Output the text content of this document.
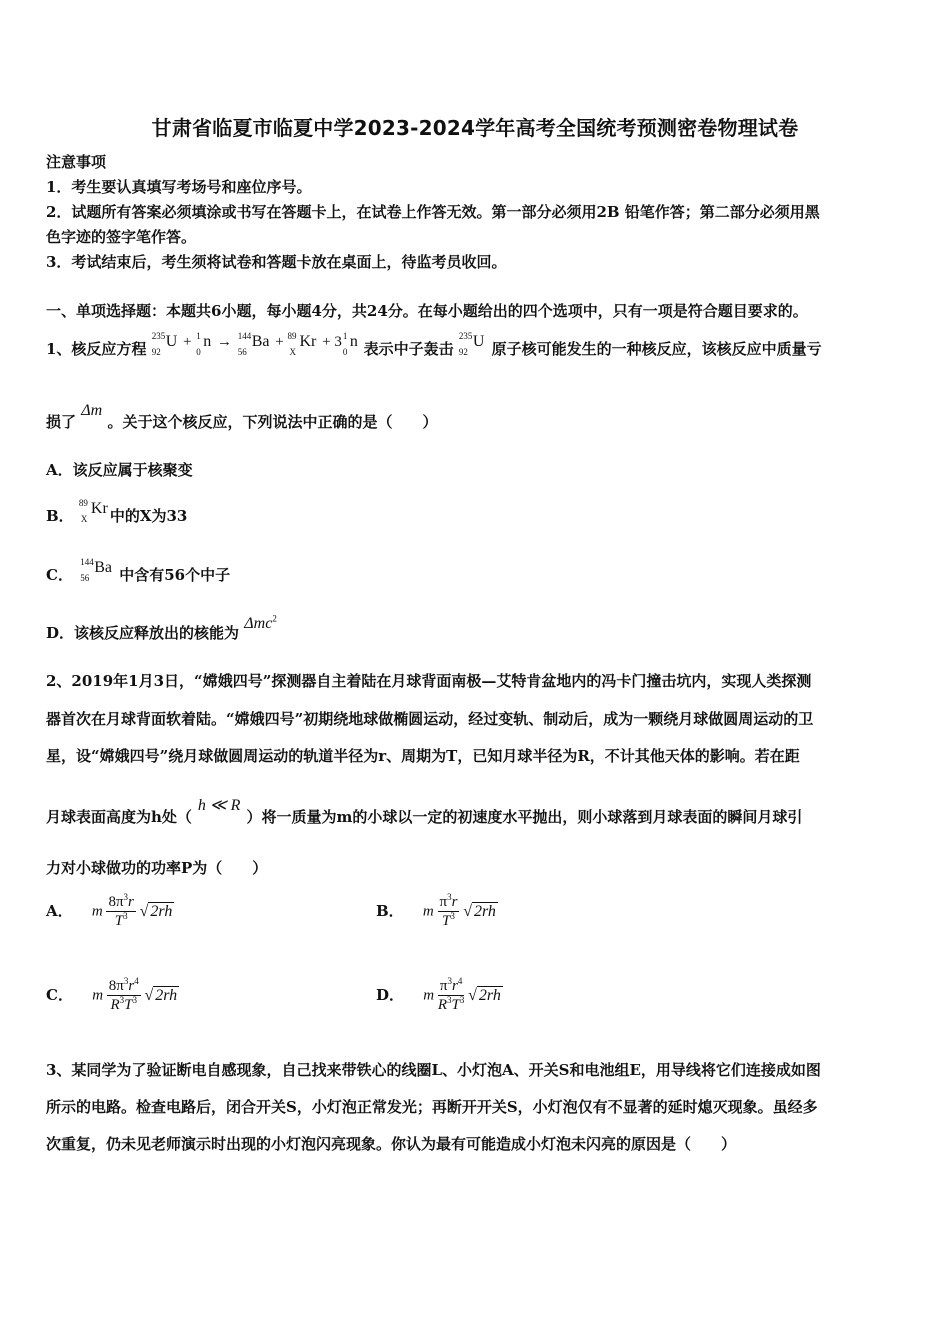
甘肃省临夏市临夏中学2023-2024学年高考全国统考预测密卷物理试卷
注意事项
1．考生要认真填写考场号和座位序号。
2．试题所有答案必须填涂或书写在答题卡上，在试卷上作答无效。第一部分必须用2B 铅笔作答；第二部分必须用黑
色字迹的签字笔作答。
3．考试结束后，考生须将试卷和答题卡放在桌面上，待监考员收回。
一、单项选择题：本题共6小题，每小题4分，共24分。在每小题给出的四个选项中，只有一项是符合题目要求的。
1、核反应方程 U
235
92
+ n
1
0
→ Ba
144
56
+ Kr
89
X
+ 3 n
1
0 表示中子轰击 U
235
92 原子核可能发生的一种核反应，该核反应中质量亏
损了 Δm 。关于这个核反应，下列说法中正确的是（　　）
A．该反应属于核聚变
B． Kr
89
X 中的X为33
C． Ba
144
56 中含有56个中子
D．该核反应释放出的核能为 Δmc$^2$
2、2019年1月3日，“嫦娥四号”探测器自主着陆在月球背面南极—艾特肯盆地内的冯卡门撞击坑内，实现人类探测
器首次在月球背面软着陆。“嫦娥四号”初期绕地球做椭圆运动，经过变轨、制动后，成为一颗绕月球做圆周运动的卫
星，设“嫦娥四号”绕月球做圆周运动的轨道半径为r、周期为T，已知月球半径为R，不计其他天体的影响。若在距
月球表面高度为h处（h ≪ R）将一质量为m的小球以一定的初速度水平抛出，则小球落到月球表面的瞬间月球引
力对小球做功的功率P为（　　）
A． m $\frac{8\pi^3r}{T^3}$ √ 2rh	B． m $\frac{\pi^3r}{T^3}$ √ 2rh
C． m $\frac{8\pi^3r^4}{R^3T^3}$ √ 2rh	D． m $\frac{\pi^3r^4}{R^3T^3}$ √ 2rh
3、某同学为了验证断电自感现象，自己找来带铁心的线圈L、小灯泡A、开关S和电池组E，用导线将它们连接成如图
所示的电路。检查电路后，闭合开关S，小灯泡正常发光；再断开开关S，小灯泡仅有不显著的延时熄灭现象。虽经多
次重复，仍未见老师演示时出现的小灯泡闪亮现象。你认为最有可能造成小灯泡未闪亮的原因是（　　）
